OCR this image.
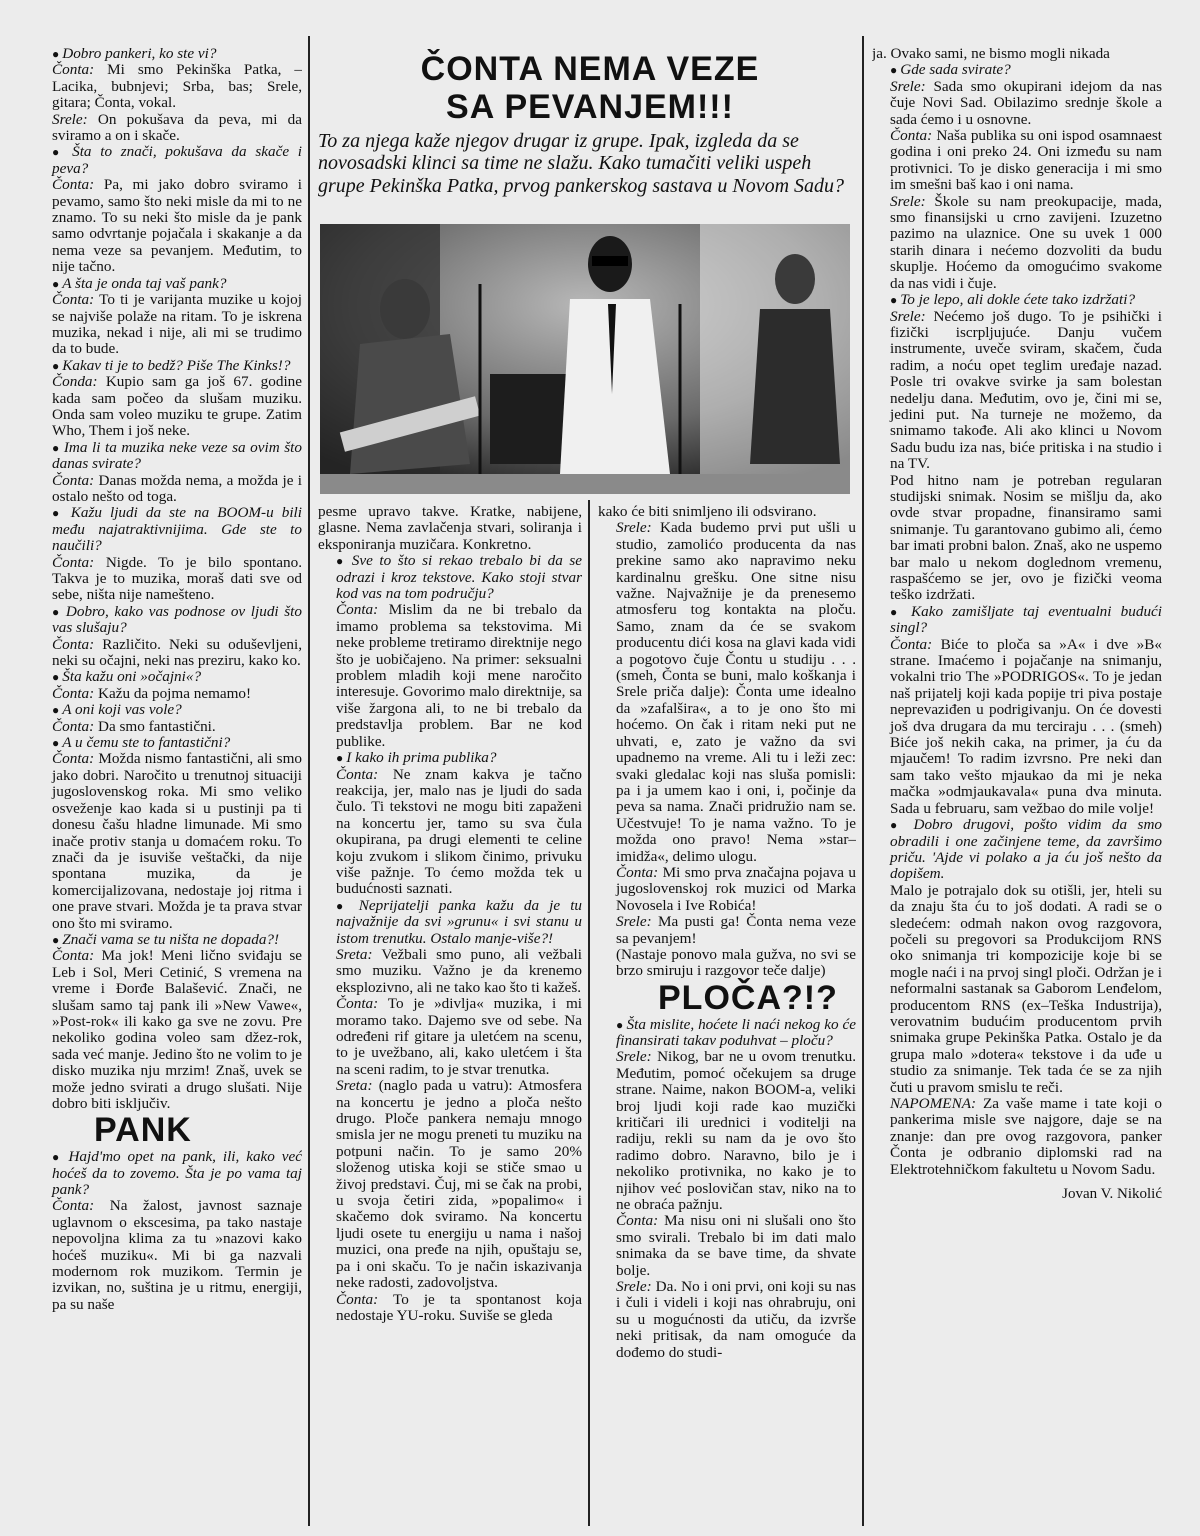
● Dobro pankeri, ko ste vi?

Čonta: Mi smo Pekinška Patka, – Lacika, bubnjevi; Srba, bas; Srele, gitara; Čonta, vokal.

Srele: On pokušava da peva, mi da sviramo a on i skače.

● Šta to znači, pokušava da skače i peva?

Čonta: Pa, mi jako dobro sviramo i pevamo, samo što neki misle da mi to ne znamo. To su neki što misle da je pank samo odvrtanje pojačala i skakanje a da nema veze sa pevanjem. Međutim, to nije tačno.

● A šta je onda taj vaš pank?

Čonta: To ti je varijanta muzike u kojoj se najviše polaže na ritam. To je iskrena muzika, nekad i nije, ali mi se trudimo da to bude.

● Kakav ti je to bedž? Piše The Kinks!?

Čonda: Kupio sam ga još 67. godine kada sam počeo da slušam muziku. Onda sam voleo muziku te grupe. Zatim Who, Them i još neke.

● Ima li ta muzika neke veze sa ovim što danas svirate?

Čonta: Danas možda nema, a možda je i ostalo nešto od toga.

● Kažu ljudi da ste na BOOM-u bili među najatraktivnijima. Gde ste to naučili?

Čonta: Nigde. To je bilo spontano. Takva je to muzika, moraš dati sve od sebe, ništa nije namešteno.

● Dobro, kako vas podnose ov ljudi što vas slušaju?

Čonta: Različito. Neki su oduševljeni, neki su očajni, neki nas preziru, kako ko.

● Šta kažu oni »očajni«?

Čonta: Kažu da pojma nemamo!

● A oni koji vas vole?

Čonta: Da smo fantastični.

● A u čemu ste to fantastični?

Čonta: Možda nismo fantastični, ali smo jako dobri. Naročito u trenutnoj situaciji jugoslovenskog roka. Mi smo veliko osveženje kao kada si u pustinji pa ti donesu čašu hladne limunade. Mi smo inače protiv stanja u domaćem roku. To znači da je isuviše veštački, da nije spontana muzika, da je komercijalizovana, nedostaje joj ritma i one prave stvari. Možda je ta prava stvar ono što mi sviramo.

● Znači vama se tu ništa ne dopada?!

Čonta: Ma jok! Meni lično sviđaju se Leb i Sol, Meri Cetinić, S vremena na vreme i Đorđe Balašević. Znači, ne slušam samo taj pank ili »New Vawe«, »Post-rok« ili kako ga sve ne zovu. Pre nekoliko godina voleo sam džez-rok, sada već manje. Jedino što ne volim to je disko muzika nju mrzim! Znaš, uvek se može jedno svirati a drugo slušati. Nije dobro biti isključiv.

PANK

● Hajd'mo opet na pank, ili, kako već hoćeš da to zovemo. Šta je po vama taj pank?

Čonta: Na žalost, javnost saznaje uglavnom o ekscesima, pa tako nastaje nepovoljna klima za tu »nazovi kako hoćeš muziku«. Mi bi ga nazvali modernom rok muzikom. Termin je izvikan, no, suština je u ritmu, energiji, pa su naše

ČONTA NEMA VEZE
SA PEVANJEM!!!
To za njega kaže njegov drugar iz grupe. Ipak, izgleda da se novosadski klinci sa time ne slažu. Kako tumačiti veliki uspeh grupe Pekinška Patka, prvog pankerskog sastava u Novom Sadu?

pesme upravo takve. Kratke, nabijene, glasne. Nema zavlačenja stvari, soliranja i eksponiranja muzičara. Konkretno.

● Sve to što si rekao trebalo bi da se odrazi i kroz tekstove. Kako stoji stvar kod vas na tom području?

Čonta: Mislim da ne bi trebalo da imamo problema sa tekstovima. Mi neke probleme tretiramo direktnije nego što je uobičajeno. Na primer: seksualni problem mladih koji mene naročito interesuje. Govorimo malo direktnije, sa više žargona ali, to ne bi trebalo da predstavlja problem. Bar ne kod publike.

● I kako ih prima publika?

Čonta: Ne znam kakva je tačno reakcija, jer, malo nas je ljudi do sada čulo. Ti tekstovi ne mogu biti zapaženi na koncertu jer, tamo su sva čula okupirana, pa drugi elementi te celine koju zvukom i slikom činimo, privuku više pažnje. To ćemo možda tek u budućnosti saznati.

● Neprijatelji panka kažu da je tu najvažnije da svi »grunu« i svi stanu u istom trenutku. Ostalo manje-više?!

Sreta: Vežbali smo puno, ali vežbali smo muziku. Važno je da krenemo eksplozivno, ali ne tako kao što ti kažeš.

Čonta: To je »divlja« muzika, i mi moramo tako. Dajemo sve od sebe. Na određeni rif gitare ja uletćem na scenu, to je uvežbano, ali, kako uletćem i šta na sceni radim, to je stvar trenutka.

Sreta: (naglo pada u vatru): Atmosfera na koncertu je jedno a ploča nešto drugo. Ploče pankera nemaju mnogo smisla jer ne mogu preneti tu muziku na potpuni način. To je samo 20% složenog utiska koji se stiče smao u živoj predstavi. Čuj, mi se čak na probi, u svoja četiri zida, »popalimo« i skačemo dok sviramo. Na koncertu ljudi osete tu energiju u nama i našoj muzici, ona pređe na njih, opuštaju se, pa i oni skaču. To je način iskazivanja neke radosti, zadovoljstva.

Čonta: To je ta spontanost koja nedostaje YU-roku. Suviše se gleda

kako će biti snimljeno ili odsvirano.

Srele: Kada budemo prvi put ušli u studio, zamolićo producenta da nas prekine samo ako napravimo neku kardinalnu grešku. One sitne nisu važne. Najvažnije je da prenesemo atmosferu tog kontakta na ploču. Samo, znam da će se svakom producentu dići kosa na glavi kada vidi a pogotovo čuje Čontu u studiju . . . (smeh, Čonta se buni, malo koškanja i Srele priča dalje): Čonta ume idealno da »zafalšira«, a to je ono što mi hoćemo. On čak i ritam neki put ne uhvati, e, zato je važno da svi upadnemo na vreme. Ali tu i leži zec: svaki gledalac koji nas sluša pomisli: pa i ja umem kao i oni, i, počinje da peva sa nama. Znači pridružio nam se. Učestvuje! To je nama važno. To je možda ono pravo! Nema »star–imidža«, delimo ulogu.

Čonta: Mi smo prva značajna pojava u jugoslovenskoj rok muzici od Marka Novosela i Ive Robića!

Srele: Ma pusti ga! Čonta nema veze sa pevanjem!

(Nastaje ponovo mala gužva, no svi se brzo smiruju i razgovor teče dalje)

PLOČA?!?

● Šta mislite, hoćete li naći nekog ko će finansirati takav poduhvat – ploču?

Srele: Nikog, bar ne u ovom trenutku. Međutim, pomoć očekujem sa druge strane. Naime, nakon BOOM-a, veliki broj ljudi koji rade kao muzički kritičari ili urednici i voditelji na radiju, rekli su nam da je ovo što radimo dobro. Naravno, bilo je i nekoliko protivnika, no kako je to njihov već poslovičan stav, niko na to ne obraća pažnju.

Čonta: Ma nisu oni ni slušali ono što smo svirali. Trebalo bi im dati malo snimaka da se bave time, da shvate bolje.

Srele: Da. No i oni prvi, oni koji su nas i čuli i videli i koji nas ohrabruju, oni su u mogućnosti da utiču, da izvrše neki pritisak, da nam omoguće da dođemo do studi-

ja. Ovako sami, ne bismo mogli nikada

● Gde sada svirate?

Srele: Sada smo okupirani idejom da nas čuje Novi Sad. Obilazimo srednje škole a sada ćemo i u osnovne.

Čonta: Naša publika su oni ispod osamnaest godina i oni preko 24. Oni između su nam protivnici. To je disko generacija i mi smo im smešni baš kao i oni nama.

Srele: Škole su nam preokupacije, mada, smo finansijski u crno zavijeni. Izuzetno pazimo na ulaznice. One su uvek 1 000 starih dinara i nećemo dozvoliti da budu skuplje. Hoćemo da omogućimo svakome da nas vidi i čuje.

● To je lepo, ali dokle ćete tako izdržati?

Srele: Nećemo još dugo. To je psihički i fizički iscrpljujuće. Danju vučem instrumente, uveče sviram, skačem, čuda radim, a noću opet teglim uređaje nazad. Posle tri ovakve svirke ja sam bolestan nedelju dana. Međutim, ovo je, čini mi se, jedini put. Na turneje ne možemo, da snimamo takođe. Ali ako klinci u Novom Sadu budu iza nas, biće pritiska i na studio i na TV.

Pod hitno nam je potreban regularan studijski snimak. Nosim se mišlju da, ako ovde stvar propadne, finansiramo sami snimanje. Tu garantovano gubimo ali, ćemo bar imati probni balon. Znaš, ako ne uspemo bar malo u nekom doglednom vremenu, raspašćemo se jer, ovo je fizički veoma teško izdržati.

● Kako zamišljate taj eventualni budući singl?

Čonta: Biće to ploča sa »A« i dve »B« strane. Imaćemo i pojačanje na snimanju, vokalni trio The »PODRIGOS«. To je jedan naš prijatelj koji kada popije tri piva postaje neprevaziđen u podrigivanju. On će dovesti još dva drugara da mu terciraju . . . (smeh) Biće još nekih caka, na primer, ja ću da mjaučem! To radim izvrsno. Pre neki dan sam tako vešto mjaukao da mi je neka mačka »odmjaukavala« puna dva minuta. Sada u februaru, sam vežbao do mile volje!

● Dobro drugovi, pošto vidim da smo obradili i one začinjene teme, da završimo priču. 'Ajde vi polako a ja ću još nešto da dopišem.

Malo je potrajalo dok su otišli, jer, hteli su da znaju šta ću to još dodati. A radi se o sledećem: odmah nakon ovog razgovora, počeli su pregovori sa Produkcijom RNS oko snimanja tri kompozicije koje bi se mogle naći i na prvoj singl ploči. Održan je i neformalni sastanak sa Gaborom Lenđelom, producentom RNS (ex–Teška Industrija), verovatnim budućim producentom prvih snimaka grupe Pekinška Patka. Ostalo je da grupa malo »dotera« tekstove i da uđe u studio za snimanje. Tek tada će se za njih čuti u pravom smislu te reči.

NAPOMENA: Za vaše mame i tate koji o pankerima misle sve najgore, daje se na znanje: dan pre ovog razgovora, panker Čonta je odbranio diplomski rad na Elektrotehničkom fakultetu u Novom Sadu.

Jovan V. Nikolić
